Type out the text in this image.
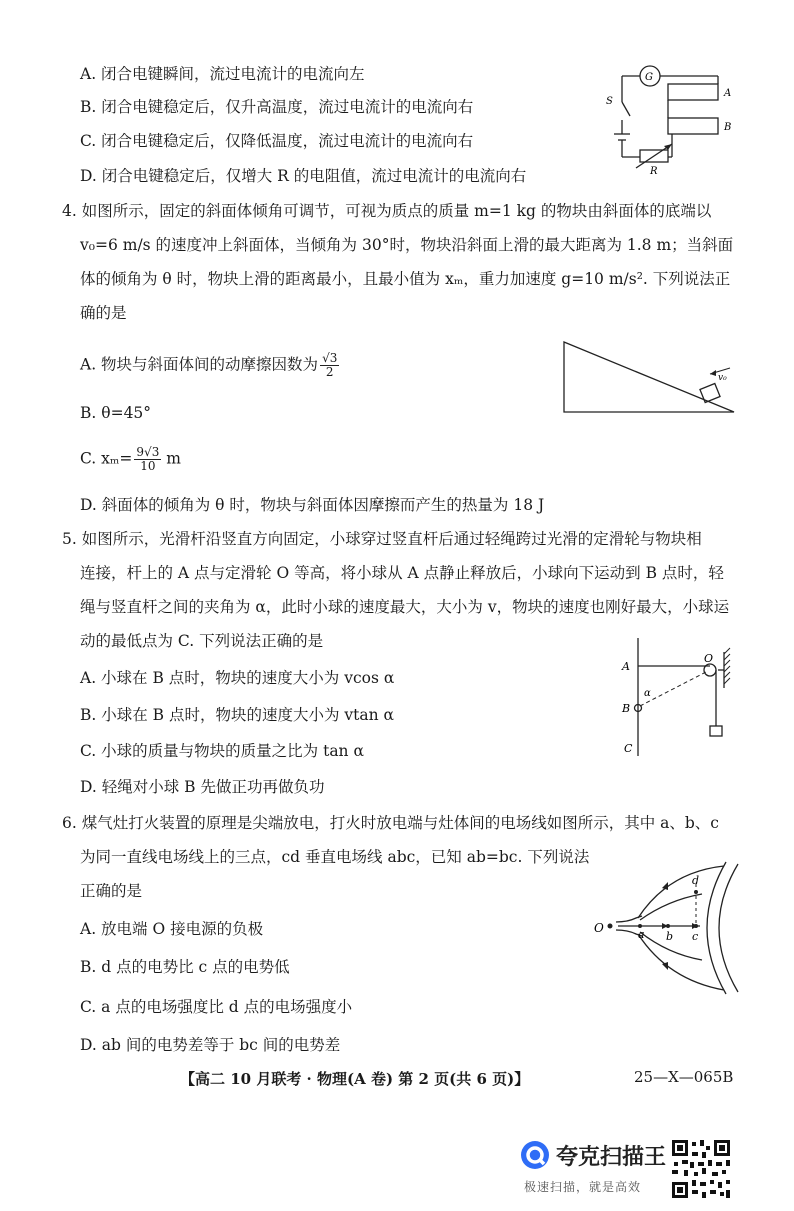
A. 闭合电键瞬间，流过电流计的电流向左
B. 闭合电键稳定后，仅升高温度，流过电流计的电流向右
C. 闭合电键稳定后，仅降低温度，流过电流计的电流向右
D. 闭合电键稳定后，仅增大 R 的电阻值，流过电流计的电流向右
G
S
A
B
R
4. 如图所示，固定的斜面体倾角可调节，可视为质点的质量 m=1 kg 的物块由斜面体的底端以
v₀=6 m/s 的速度冲上斜面体，当倾角为 30°时，物块沿斜面上滑的最大距离为 1.8 m；当斜面
体的倾角为 θ 时，物块上滑的距离最小，且最小值为 xₘ，重力加速度 g=10 m/s². 下列说法正
确的是
A. 物块与斜面体间的动摩擦因数为 $\frac{√3}{2}$
B. θ=45°
C. $x_m= \frac{9√3}{10}$ m
D. 斜面体的倾角为 θ 时，物块与斜面体因摩擦而产生的热量为 18 J
v₀
5. 如图所示，光滑杆沿竖直方向固定，小球穿过竖直杆后通过轻绳跨过光滑的定滑轮与物块相
连接，杆上的 A 点与定滑轮 O 等高，将小球从 A 点静止释放后，小球向下运动到 B 点时，轻
绳与竖直杆之间的夹角为 α，此时小球的速度最大，大小为 v，物块的速度也刚好最大，小球运
动的最低点为 C. 下列说法正确的是
A. 小球在 B 点时，物块的速度大小为 vcos α
B. 小球在 B 点时，物块的速度大小为 vtan α
C. 小球的质量与物块的质量之比为 tan α
D. 轻绳对小球 B 先做正功再做负功
A
O
α
B
C
6. 煤气灶打火装置的原理是尖端放电，打火时放电端与灶体间的电场线如图所示，其中 a、b、c
为同一直线电场线上的三点，cd 垂直电场线 abc，已知 ab=bc. 下列说法
正确的是
A. 放电端 O 接电源的负极
B. d 点的电势比 c 点的电势低
C. a 点的电场强度比 d 点的电场强度小
D. ab 间的电势差等于 bc 间的电势差
O	a b c
d
【高二 10 月联考 · 物理(A 卷) 第 2 页(共 6 页)】	25—X—065B
夸克扫描王
极速扫描，就是高效
